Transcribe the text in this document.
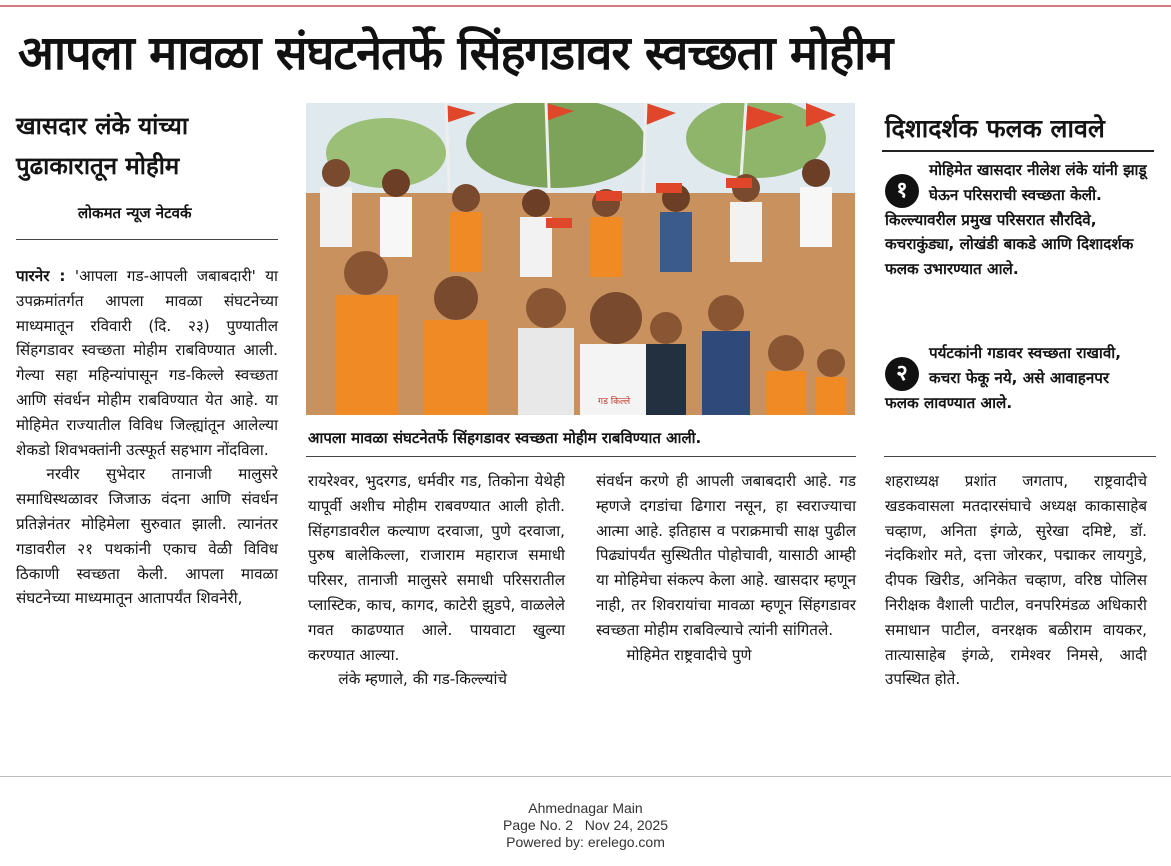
आपला मावळा संघटनेतर्फे सिंहगडावर स्वच्छता मोहीम
खासदार लंके यांच्या पुढाकारातून मोहीम
लोकमत न्यूज नेटवर्क

पारनेर : 'आपला गड-आपली जबाबदारी' या उपक्रमांतर्गत आपला मावळा संघटनेच्या माध्यमातून रविवारी (दि. २३) पुण्यातील सिंहगडावर स्वच्छता मोहीम राबविण्यात आली. गेल्या सहा महिन्यांपासून गड-किल्ले स्वच्छता आणि संवर्धन मोहीम राबविण्यात येत आहे. या मोहिमेत राज्यातील विविध जिल्ह्यांतून आलेल्या शेकडो शिवभक्तांनी उत्स्फूर्त सहभाग नोंदविला.

नरवीर सुभेदार तानाजी मालुसरे समाधिस्थळावर जिजाऊ वंदना आणि संवर्धन प्रतिज्ञेनंतर मोहिमेला सुरुवात झाली. त्यानंतर गडावरील २१ पथकांनी एकाच वेळी विविध ठिकाणी स्वच्छता केली. आपला मावळा संघटनेच्या माध्यमातून आतापर्यंत शिवनेरी,

गड किल्ले
आपला मावळा संघटनेतर्फे सिंहगडावर स्वच्छता मोहीम राबविण्यात आली.

रायरेश्वर, भुदरगड, धर्मवीर गड, तिकोना येथेही यापूर्वी अशीच मोहीम राबवण्यात आली होती. सिंहगडावरील कल्याण दरवाजा, पुणे दरवाजा, पुरुष बालेकिल्ला, राजाराम महाराज समाधी परिसर, तानाजी मालुसरे समाधी परिसरातील प्लास्टिक, काच, कागद, काटेरी झुडपे, वाळलेले गवत काढण्यात आले. पायवाटा खुल्या करण्यात आल्या.

लंके म्हणाले, की गड-किल्ल्यांचे

संवर्धन करणे ही आपली जबाबदारी आहे. गड म्हणजे दगडांचा ढिगारा नसून, हा स्वराज्याचा आत्मा आहे. इतिहास व पराक्रमाची साक्ष पुढील पिढ्यांपर्यंत सुस्थितीत पोहोचावी, यासाठी आम्ही या मोहिमेचा संकल्प केला आहे. खासदार म्हणून नाही, तर शिवरायांचा मावळा म्हणून सिंहगडावर स्वच्छता मोहीम राबविल्याचे त्यांनी सांगितले.

मोहिमेत राष्ट्रवादीचे पुणे

दिशादर्शक फलक लावले
१
मोहिमेत खासदार नीलेश लंके यांनी झाडू घेऊन परिसराची स्वच्छता केली. किल्ल्यावरील प्रमुख परिसरात सौरदिवे, कचराकुंड्या, लोखंडी बाकडे आणि दिशादर्शक फलक उभारण्यात आले.
२
पर्यटकांनी गडावर स्वच्छता राखावी, कचरा फेकू नये, असे आवाहनपर फलक लावण्यात आले.

शहराध्यक्ष प्रशांत जगताप, राष्ट्रवादीचे खडकवासला मतदारसंघाचे अध्यक्ष काकासाहेब चव्हाण, अनिता इंगळे, सुरेखा दमिष्टे, डॉ. नंदकिशोर मते, दत्ता जोरकर, पद्माकर लायगुडे, दीपक खिरीड, अनिकेत चव्हाण, वरिष्ठ पोलिस निरीक्षक वैशाली पाटील, वनपरिमंडळ अधिकारी समाधान पाटील, वनरक्षक बळीराम वायकर, तात्यासाहेब इंगळे, रामेश्वर निमसे, आदी उपस्थित होते.

Ahmednagar Main
Page No. 2   Nov 24, 2025
Powered by: erelego.com
